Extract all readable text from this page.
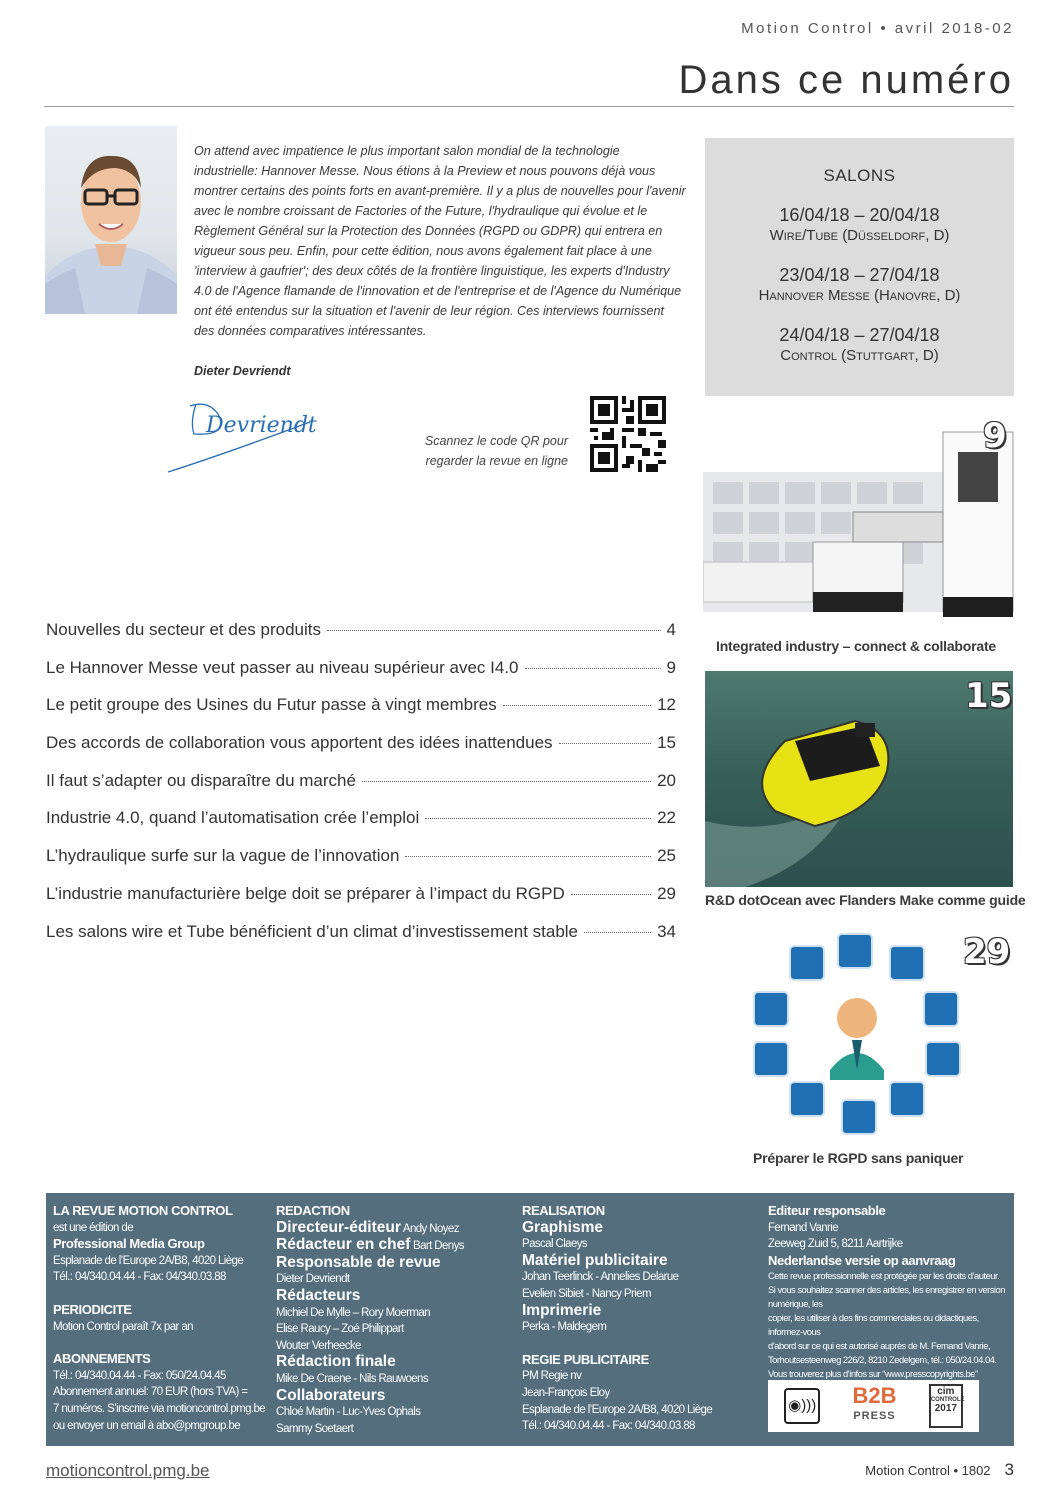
Motion Control • avril 2018-02
Dans ce numéro

On attend avec impatience le plus important salon mondial de la technologie industrielle: Hannover Messe. Nous étions à la Preview et nous pouvons déjà vous montrer certains des points forts en avant-première. Il y a plus de nouvelles pour l'avenir avec le nombre croissant de Factories of the Future, l'hydraulique qui évolue et le Règlement Général sur la Protection des Données (RGPD ou GDPR) qui entrera en vigueur sous peu. Enfin, pour cette édition, nous avons également fait place à une 'interview à gaufrier'; des deux côtés de la frontière linguistique, les experts d'Industry 4.0 de l'Agence flamande de l'innovation et de l'entreprise et de l'Agence du Numérique ont été entendus sur la situation et l'avenir de leur région. Ces interviews fournissent des données comparatives intéressantes.

Dieter Devriendt
Devriendt
Scannez le code QR pour regarder la revue en ligne
SALONS
16/04/18 – 20/04/18
Wire/Tube (Düsseldorf, D)
23/04/18 – 27/04/18
Hannover Messe (Hanovre, D)
24/04/18 – 27/04/18
Control (Stuttgart, D)
9
Integrated industry – connect & collaborate
15
R&D dotOcean avec Flanders Make comme guide
29
Préparer le RGPD sans paniquer
Nouvelles du secteur et des produits	4
Le Hannover Messe veut passer au niveau supérieur avec I4.0	9
Le petit groupe des Usines du Futur passe à vingt membres	12
Des accords de collaboration vous apportent des idées inattendues	15
Il faut s’adapter ou disparaître du marché	20
Industrie 4.0, quand l’automatisation crée l’emploi	22
L’hydraulique surfe sur la vague de l’innovation	25
L’industrie manufacturière belge doit se préparer à l’impact du RGPD	29
Les salons wire et Tube bénéficient d’un climat d’investissement stable	34
LA REVUE MOTION CONTROL
est une édition de
Professional Media Group
Esplanade de l’Europe 2A/B8, 4020 Liège
Tél.: 04/340.04.44 - Fax: 04/340.03.88
PERIODICITE
Motion Control paraît 7x par an
ABONNEMENTS
Tél.: 04/340.04.44 - Fax: 050/24.04.45
Abonnement annuel: 70 EUR (hors TVA) =
7 numéros. S’inscrire via motioncontrol.pmg.be
ou envoyer un email à abo@pmgroup.be
REDACTION
Directeur-éditeur Andy Noyez
Rédacteur en chef Bart Denys
Responsable de revue
Dieter Devriendt
Rédacteurs
Michiel De Mylle – Rory Moerman
Elise Raucy – Zoé Philippart
Wouter Verheecke
Rédaction finale
Mike De Craene - Nils Rauwoens
Collaborateurs
Chloé Martin - Luc-Yves Ophals
Sammy Soetaert
REALISATION
Graphisme
Pascal Claeys
Matériel publicitaire
Johan Teerlinck - Annelies Delarue
Evelien Sibiet - Nancy Priem
Imprimerie
Perka - Maldegem
REGIE PUBLICITAIRE
PM Regie nv
Jean-François Eloy
Esplanade de l’Europe 2A/B8, 4020 Liège
Tél.: 04/340.04.44 - Fax: 04/340.03.88
Editeur responsable
Fernand Vanrie
Zeeweg Zuid 5, 8211 Aartrijke
Nederlandse versie op aanvraag
Cette revue professionnelle est protégée par les droits d’auteur.
Si vous souhaitez scanner des articles, les enregistrer en version numérique, les
copier, les utiliser à des fins commerciales ou didactiques, informez-vous
d’abord sur ce qui est autorisé auprès de M. Fernand Vanrie,
Torhoutsesteenweg 226/2, 8210 Zedelgem, tél.: 050/24.04.04.
Vous trouverez plus d’infos sur “www.presscopyrights.be”
◉))) B2B
PRESS
cim
CONTROLE
2017
motioncontrol.pmg.be	Motion Control • 1802 3
